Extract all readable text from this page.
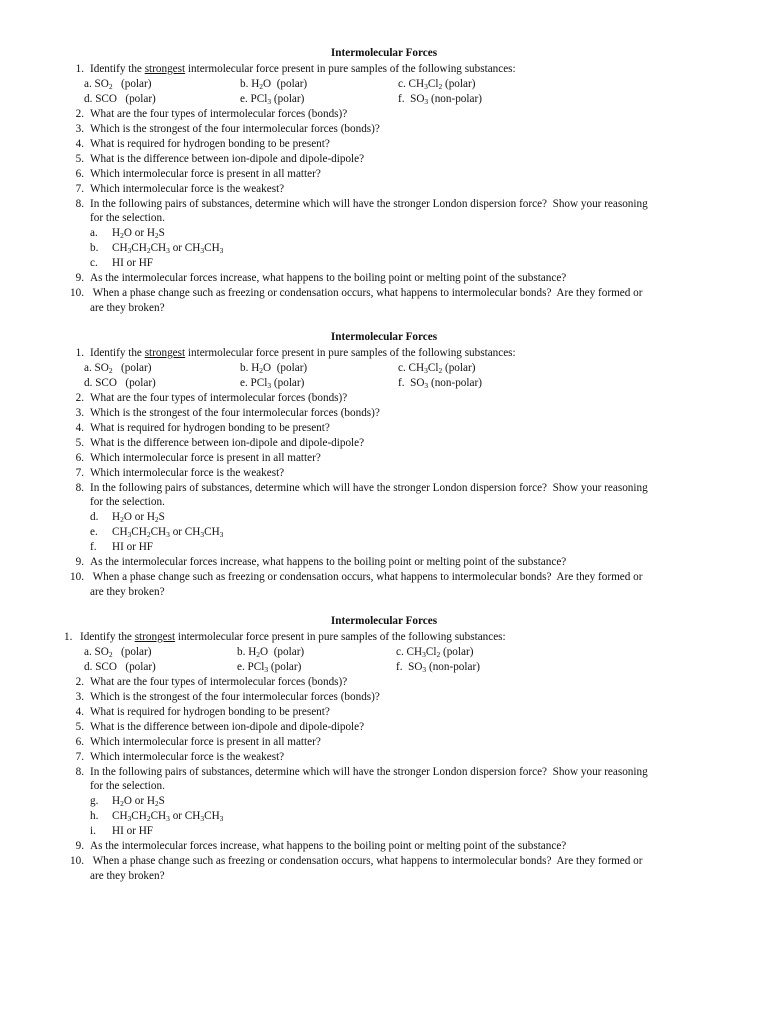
Intermolecular Forces
1. Identify the strongest intermolecular force present in pure samples of the following substances:
a. $SO_2$   (polar)	b. $H_2O$  (polar)	c. $CH_3Cl_2$ (polar)
d. SCO   (polar)	e. PCl$_3$ (polar)	f.  $SO_3$ (non-polar)
2. What are the four types of intermolecular forces (bonds)?
3. Which is the strongest of the four intermolecular forces (bonds)?
4. What is required for hydrogen bonding to be present?
5. What is the difference between ion-dipole and dipole-dipole?
6. Which intermolecular force is present in all matter?
7. Which intermolecular force is the weakest?
8. In the following pairs of substances, determine which will have the stronger London dispersion force?  Show your reasoning
for the selection.
a. $H_2O$ or $H_2S$
b. $CH_3CH_2CH_3$ or $CH_3CH_3$
c. HI or HF
9. As the intermolecular forces increase, what happens to the boiling point or melting point of the substance?
10. When a phase change such as freezing or condensation occurs, what happens to intermolecular bonds?  Are they formed or
are they broken?
Intermolecular Forces
1. Identify the strongest intermolecular force present in pure samples of the following substances:
a. $SO_2$   (polar)	b. $H_2O$  (polar)	c. $CH_3Cl_2$ (polar)
d. SCO   (polar)	e. PCl$_3$ (polar)	f.  $SO_3$ (non-polar)
2. What are the four types of intermolecular forces (bonds)?
3. Which is the strongest of the four intermolecular forces (bonds)?
4. What is required for hydrogen bonding to be present?
5. What is the difference between ion-dipole and dipole-dipole?
6. Which intermolecular force is present in all matter?
7. Which intermolecular force is the weakest?
8. In the following pairs of substances, determine which will have the stronger London dispersion force?  Show your reasoning
for the selection.
d. $H_2O$ or $H_2S$
e. $CH_3CH_2CH_3$ or $CH_3CH_3$
f. HI or HF
9. As the intermolecular forces increase, what happens to the boiling point or melting point of the substance?
10. When a phase change such as freezing or condensation occurs, what happens to intermolecular bonds?  Are they formed or
are they broken?
Intermolecular Forces
1. Identify the strongest intermolecular force present in pure samples of the following substances:
a. $SO_2$   (polar)	b. $H_2O$  (polar)	c. $CH_3Cl_2$ (polar)
d. SCO   (polar)	e. PCl$_3$ (polar)	f.  $SO_3$ (non-polar)
2. What are the four types of intermolecular forces (bonds)?
3. Which is the strongest of the four intermolecular forces (bonds)?
4. What is required for hydrogen bonding to be present?
5. What is the difference between ion-dipole and dipole-dipole?
6. Which intermolecular force is present in all matter?
7. Which intermolecular force is the weakest?
8. In the following pairs of substances, determine which will have the stronger London dispersion force?  Show your reasoning
for the selection.
g. $H_2O$ or $H_2S$
h. $CH_3CH_2CH_3$ or $CH_3CH_3$
i. HI or HF
9. As the intermolecular forces increase, what happens to the boiling point or melting point of the substance?
10. When a phase change such as freezing or condensation occurs, what happens to intermolecular bonds?  Are they formed or
are they broken?
